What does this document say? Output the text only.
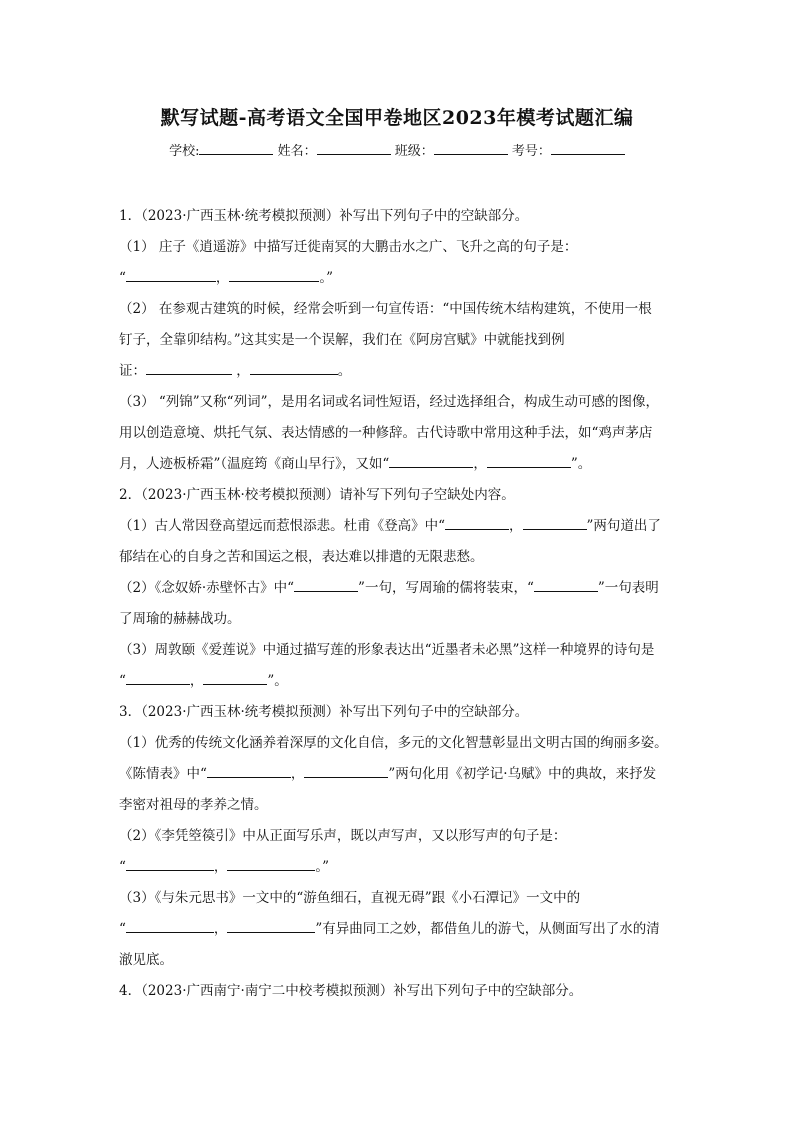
默写试题-高考语文全国甲卷地区2023年模考试题汇编
学校:	姓名：	班级：	考号：
1．（2023·广西玉林·统考模拟预测）补写出下列句子中的空缺部分。
（1） 庄子《逍遥游》中描写迁徙南冥的大鹏击水之广、飞升之高的句子是：
“	，	。”
（2） 在参观古建筑的时候，经常会听到一句宣传语：“中国传统木结构建筑，不使用一根
钉子，全靠卯结构。”这其实是一个误解，我们在《阿房宫赋》中就能找到例
证：	，	。
（3） “列锦”又称“列词”，是用名词或名词性短语，经过选择组合，构成生动可感的图像，
用以创造意境、烘托气氛、表达情感的一种修辞。古代诗歌中常用这种手法，如“鸡声茅店
月，人迹板桥霜”（温庭筠《商山早行》，又如“	，	”。
2．（2023·广西玉林·校考模拟预测）请补写下列句子空缺处内容。
（1）古人常因登高望远而惹恨添悲。杜甫《登高》中“	，	”两句道出了
郁结在心的自身之苦和国运之根，表达难以排遣的无限悲愁。
（2）《念奴娇·赤壁怀古》中“	”一句，写周瑜的儒将装束，“	”一句表明
了周瑜的赫赫战功。
（3）周敦颐《爱莲说》中通过描写莲的形象表达出“近墨者未必黑”这样一种境界的诗句是
“	，	”。
3．（2023·广西玉林·统考模拟预测）补写出下列句子中的空缺部分。
（1）优秀的传统文化涵养着深厚的文化自信，多元的文化智慧彰显出文明古国的绚丽多姿。
《陈情表》中“	，	”两句化用《初学记·乌赋》中的典故，来抒发
李密对祖母的孝养之情。
（2）《李凭箜篌引》中从正面写乐声，既以声写声，又以形写声的句子是：
“	，	。”
（3）《与朱元思书》一文中的“游鱼细石，直视无碍”跟《小石潭记》一文中的
“	，	”有异曲同工之妙，都借鱼儿的游弋，从侧面写出了水的清
澈见底。
4．（2023·广西南宁·南宁二中校考模拟预测）补写出下列句子中的空缺部分。
